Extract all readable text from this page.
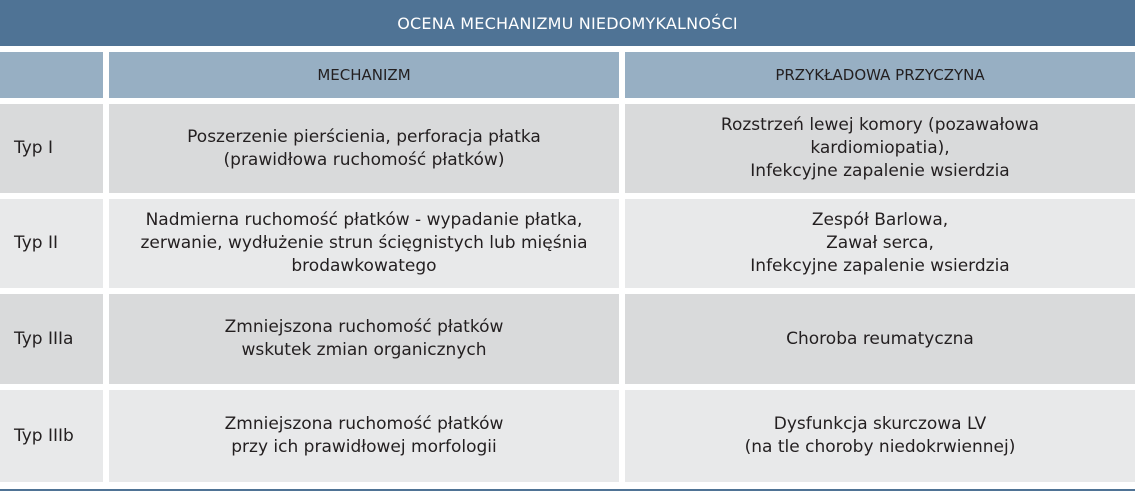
OCENA MECHANIZMU NIEDOMYKALNOŚCI
MECHANIZM	PRZYKŁADOWA PRZYCZYNA
Typ I
Poszerzenie pierścienia, perforacja płatka
(prawidłowa ruchomość płatków)
Rozstrzeń lewej komory (pozawałowa
kardiomiopatia),
Infekcyjne zapalenie wsierdzia
Typ II
Nadmierna ruchomość płatków - wypadanie płatka,
zerwanie, wydłużenie strun ścięgnistych lub mięśnia
brodawkowatego
Zespół Barlowa,
Zawał serca,
Infekcyjne zapalenie wsierdzia
Typ IIIa
Zmniejszona ruchomość płatków
wskutek zmian organicznych
Choroba reumatyczna
Typ IIIb
Zmniejszona ruchomość płatków
przy ich prawidłowej morfologii
Dysfunkcja skurczowa LV
(na tle choroby niedokrwiennej)
